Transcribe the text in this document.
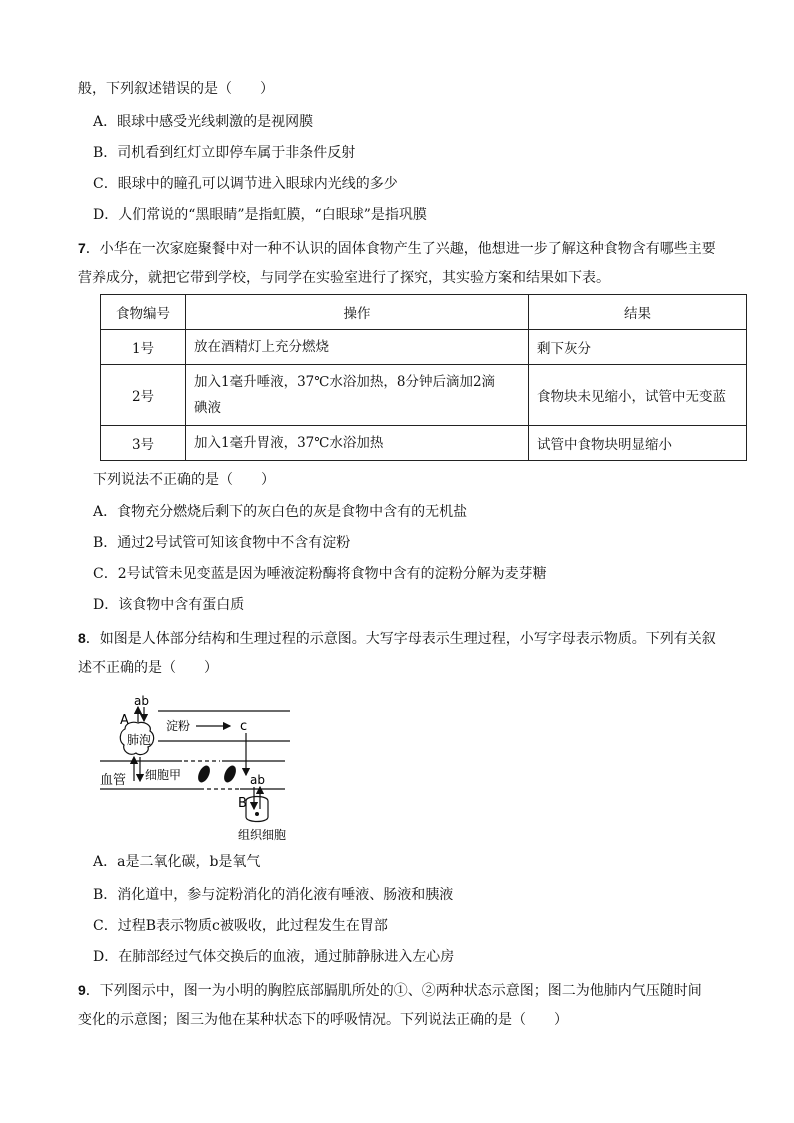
般，下列叙述错误的是（　　）
A．眼球中感受光线刺激的是视网膜
B．司机看到红灯立即停车属于非条件反射
C．眼球中的瞳孔可以调节进入眼球内光线的多少
D．人们常说的“黑眼睛”是指虹膜，“白眼球”是指巩膜
7．小华在一次家庭聚餐中对一种不认识的固体食物产生了兴趣，他想进一步了解这种食物含有哪些主要
营养成分，就把它带到学校，与同学在实验室进行了探究，其实验方案和结果如下表。
食物编号	操作	结果
1号	放在酒精灯上充分燃烧	剩下灰分
2号	加入1毫升唾液，37℃水浴加热，8分钟后滴加2滴
碘液	食物块未见缩小，试管中无变蓝
3号	加入1毫升胃液，37℃水浴加热	试管中食物块明显缩小
下列说法不正确的是（　　）
A．食物充分燃烧后剩下的灰白色的灰是食物中含有的无机盐
B．通过2号试管可知该食物中不含有淀粉
C．2号试管未见变蓝是因为唾液淀粉酶将食物中含有的淀粉分解为麦芽糖
D．该食物中含有蛋白质
8．如图是人体部分结构和生理过程的示意图。大写字母表示生理过程，小写字母表示物质。下列有关叙
述不正确的是（　　）
肺泡
ab
A	淀粉	c
细胞甲
血管	ab
B
组织细胞
A．a是二氧化碳，b是氧气
B．消化道中，参与淀粉消化的消化液有唾液、肠液和胰液
C．过程B表示物质c被吸收，此过程发生在胃部
D．在肺部经过气体交换后的血液，通过肺静脉进入左心房
9．下列图示中，图一为小明的胸腔底部膈肌所处的①、②两种状态示意图；图二为他肺内气压随时间
变化的示意图；图三为他在某种状态下的呼吸情况。下列说法正确的是（　　）
